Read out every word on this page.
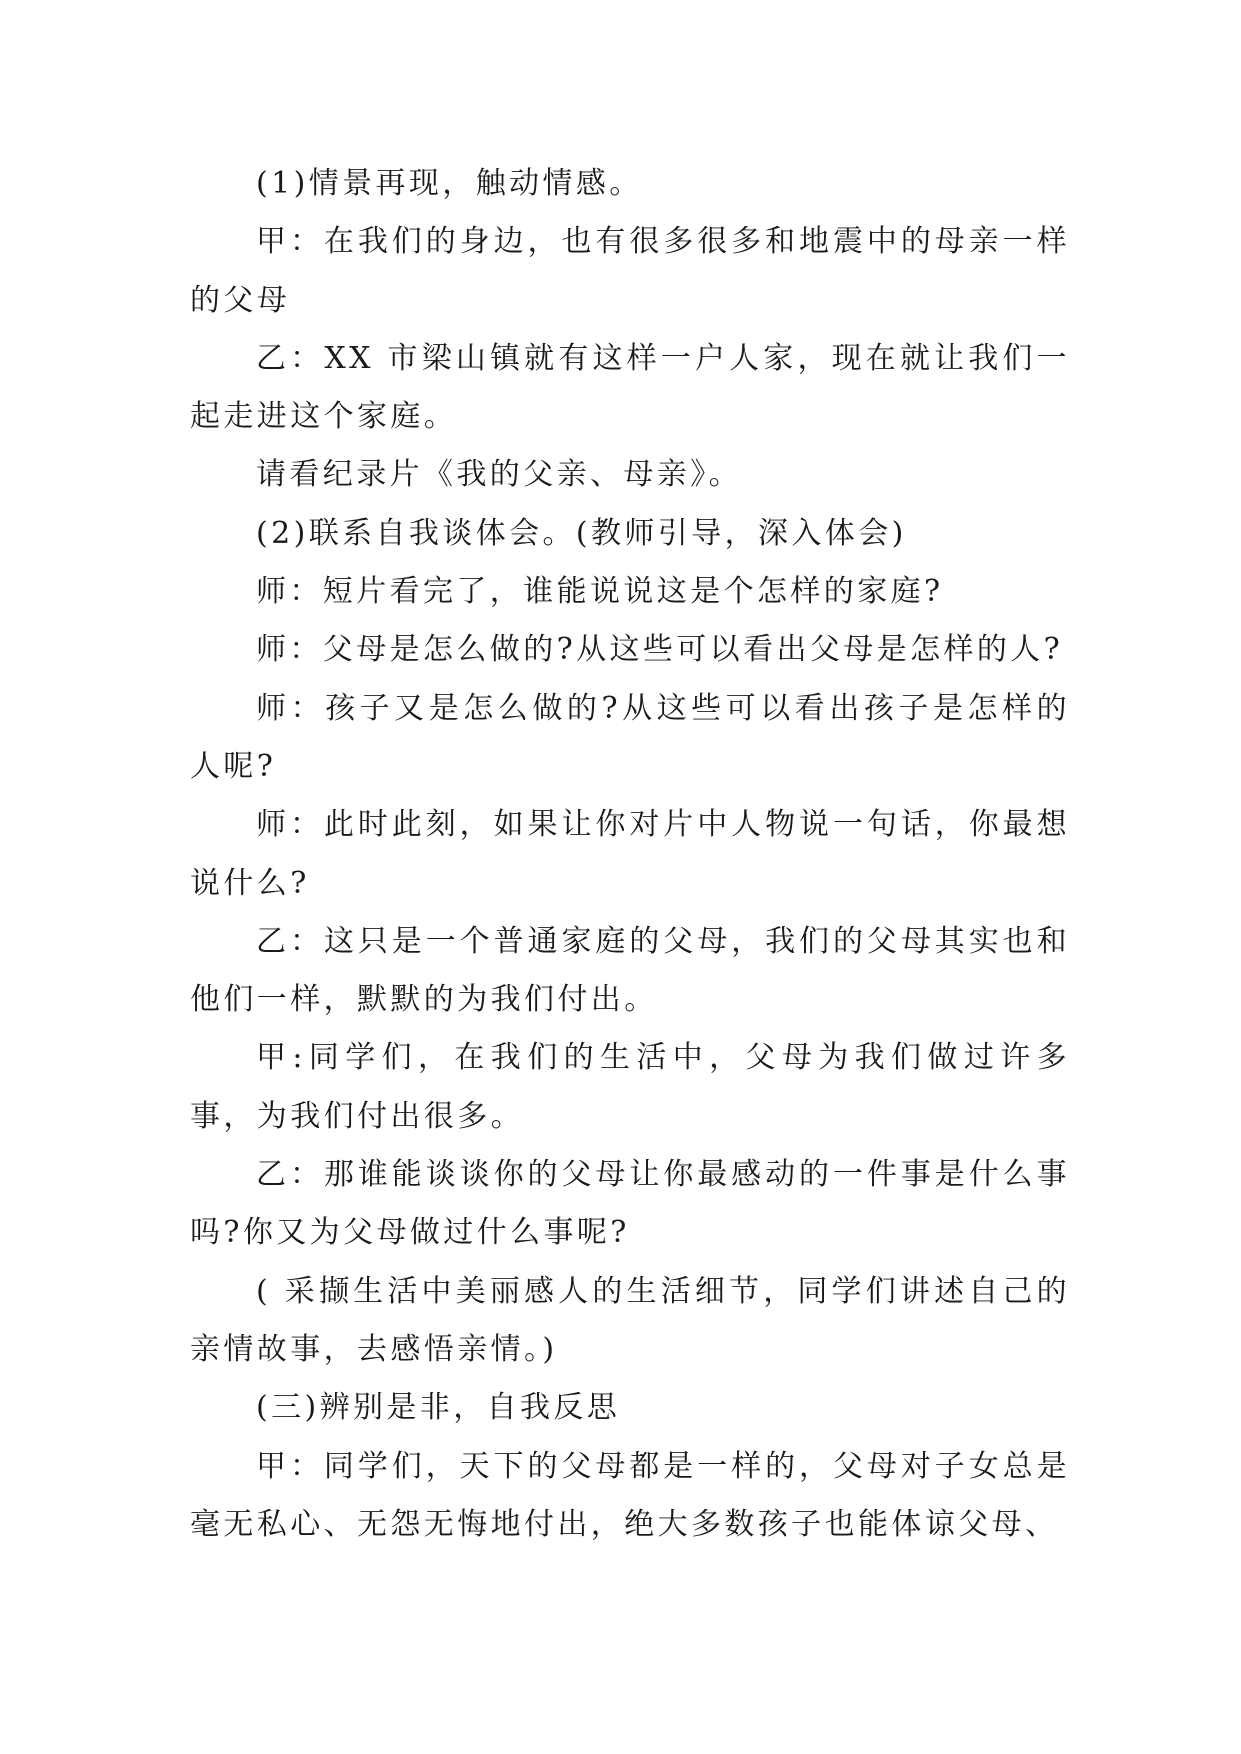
(1)情景再现，触动情感。

甲：在我们的身边，也有很多很多和地震中的母亲一样的父母

乙：XX 市梁山镇就有这样一户人家，现在就让我们一起走进这个家庭。

请看纪录片《我的父亲、母亲》。

(2)联系自我谈体会。(教师引导，深入体会)

师：短片看完了，谁能说说这是个怎样的家庭?

师：父母是怎么做的?从这些可以看出父母是怎样的人?

师：孩子又是怎么做的?从这些可以看出孩子是怎样的人呢?

师：此时此刻，如果让你对片中人物说一句话，你最想说什么?

乙：这只是一个普通家庭的父母，我们的父母其实也和他们一样，默默的为我们付出。

甲:同学们，在我们的生活中，父母为我们做过许多事，为我们付出很多。

乙：那谁能谈谈你的父母让你最感动的一件事是什么事吗?你又为父母做过什么事呢?

( 采撷生活中美丽感人的生活细节，同学们讲述自己的亲情故事，去感悟亲情。)

(三)辨别是非，自我反思

甲：同学们，天下的父母都是一样的，父母对子女总是毫无私心、无怨无悔地付出，绝大多数孩子也能体谅父母、
